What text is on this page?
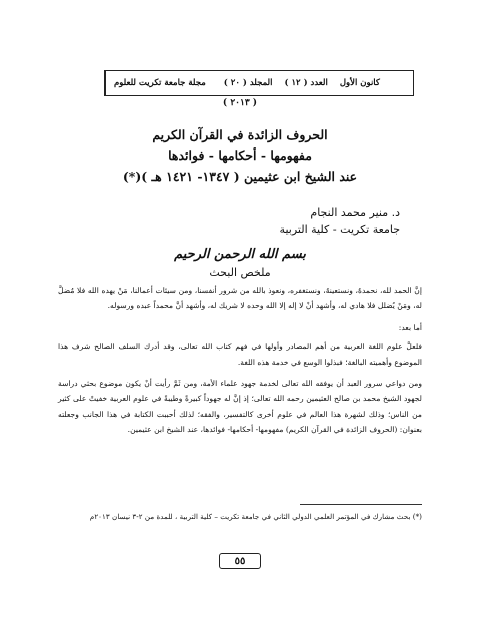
مجلة جامعة تكريت للعلوم	المجلد ( ٢٠ ) العدد ( ١٢ ) كانون الأول
( ٢٠١٣ )
الحروف الزائدة في القرآن الكريم
مفهومها - أحكامها - فوائدها
عند الشيخ ابن عثيمين ( ١٣٤٧- ١٤٢١ هـ )(*)
د. منير محمد النجام
جامعة تكريت - كلية التربية
بسم الله الرحمن الرحيم
ملخص البحث

إنَّ الحمد لله، نحمدهُ، ونستعينهُ، ونستغفره، ونعوذ بالله من شرور أنفسنا، ومن سيئات أعمالنا، مَنْ يهده الله فلا مُضلَّ له، ومَنْ يُضلل فلا هادي له، وأشهد أنْ لا إله إلا الله وحده لا شريك له، وأشهد أنَّ محمداً عبده ورسوله.

أما بعد:

فلعلَّ علوم اللغة العربية من أهم المصادر وأولها في فهم كتاب الله تعالى، وقد أدرك السلف الصالح شرف هذا الموضوع وأهميته البالغة؛ فبذلوا الوسع في خدمة هذه اللغة.

ومن دواعي سرور العبد أن يوفقه الله تعالى لخدمة جهود علماء الأمة، ومن ثَمَّ رأيت أنْ يكون موضوع بحثي دراسة لجهود الشيخ محمد بن صالح العثيمين رحمه الله تعالى؛ إذ إنَّ له جهوداً كبيرةً وطيبةً في علوم العربية خفيتْ على كثير من الناس؛ وذلك لشهرة هذا العالم في علوم أخرى كالتفسير، والفقه؛ لذلك أحببت الكتابة في هذا الجانب وجعلته بعنوان: (الحروف الزائدة في القرآن الكريم) مفهومها- أحكامها- فوائدها، عند الشيخ ابن عثيمين.

(*) بحث مشارك في المؤتمر العلمي الدولي الثاني في جامعة تكريت – كلية التربية ، للمدة من ٢-٣ نيسان ٢٠١٣م
٥٥
